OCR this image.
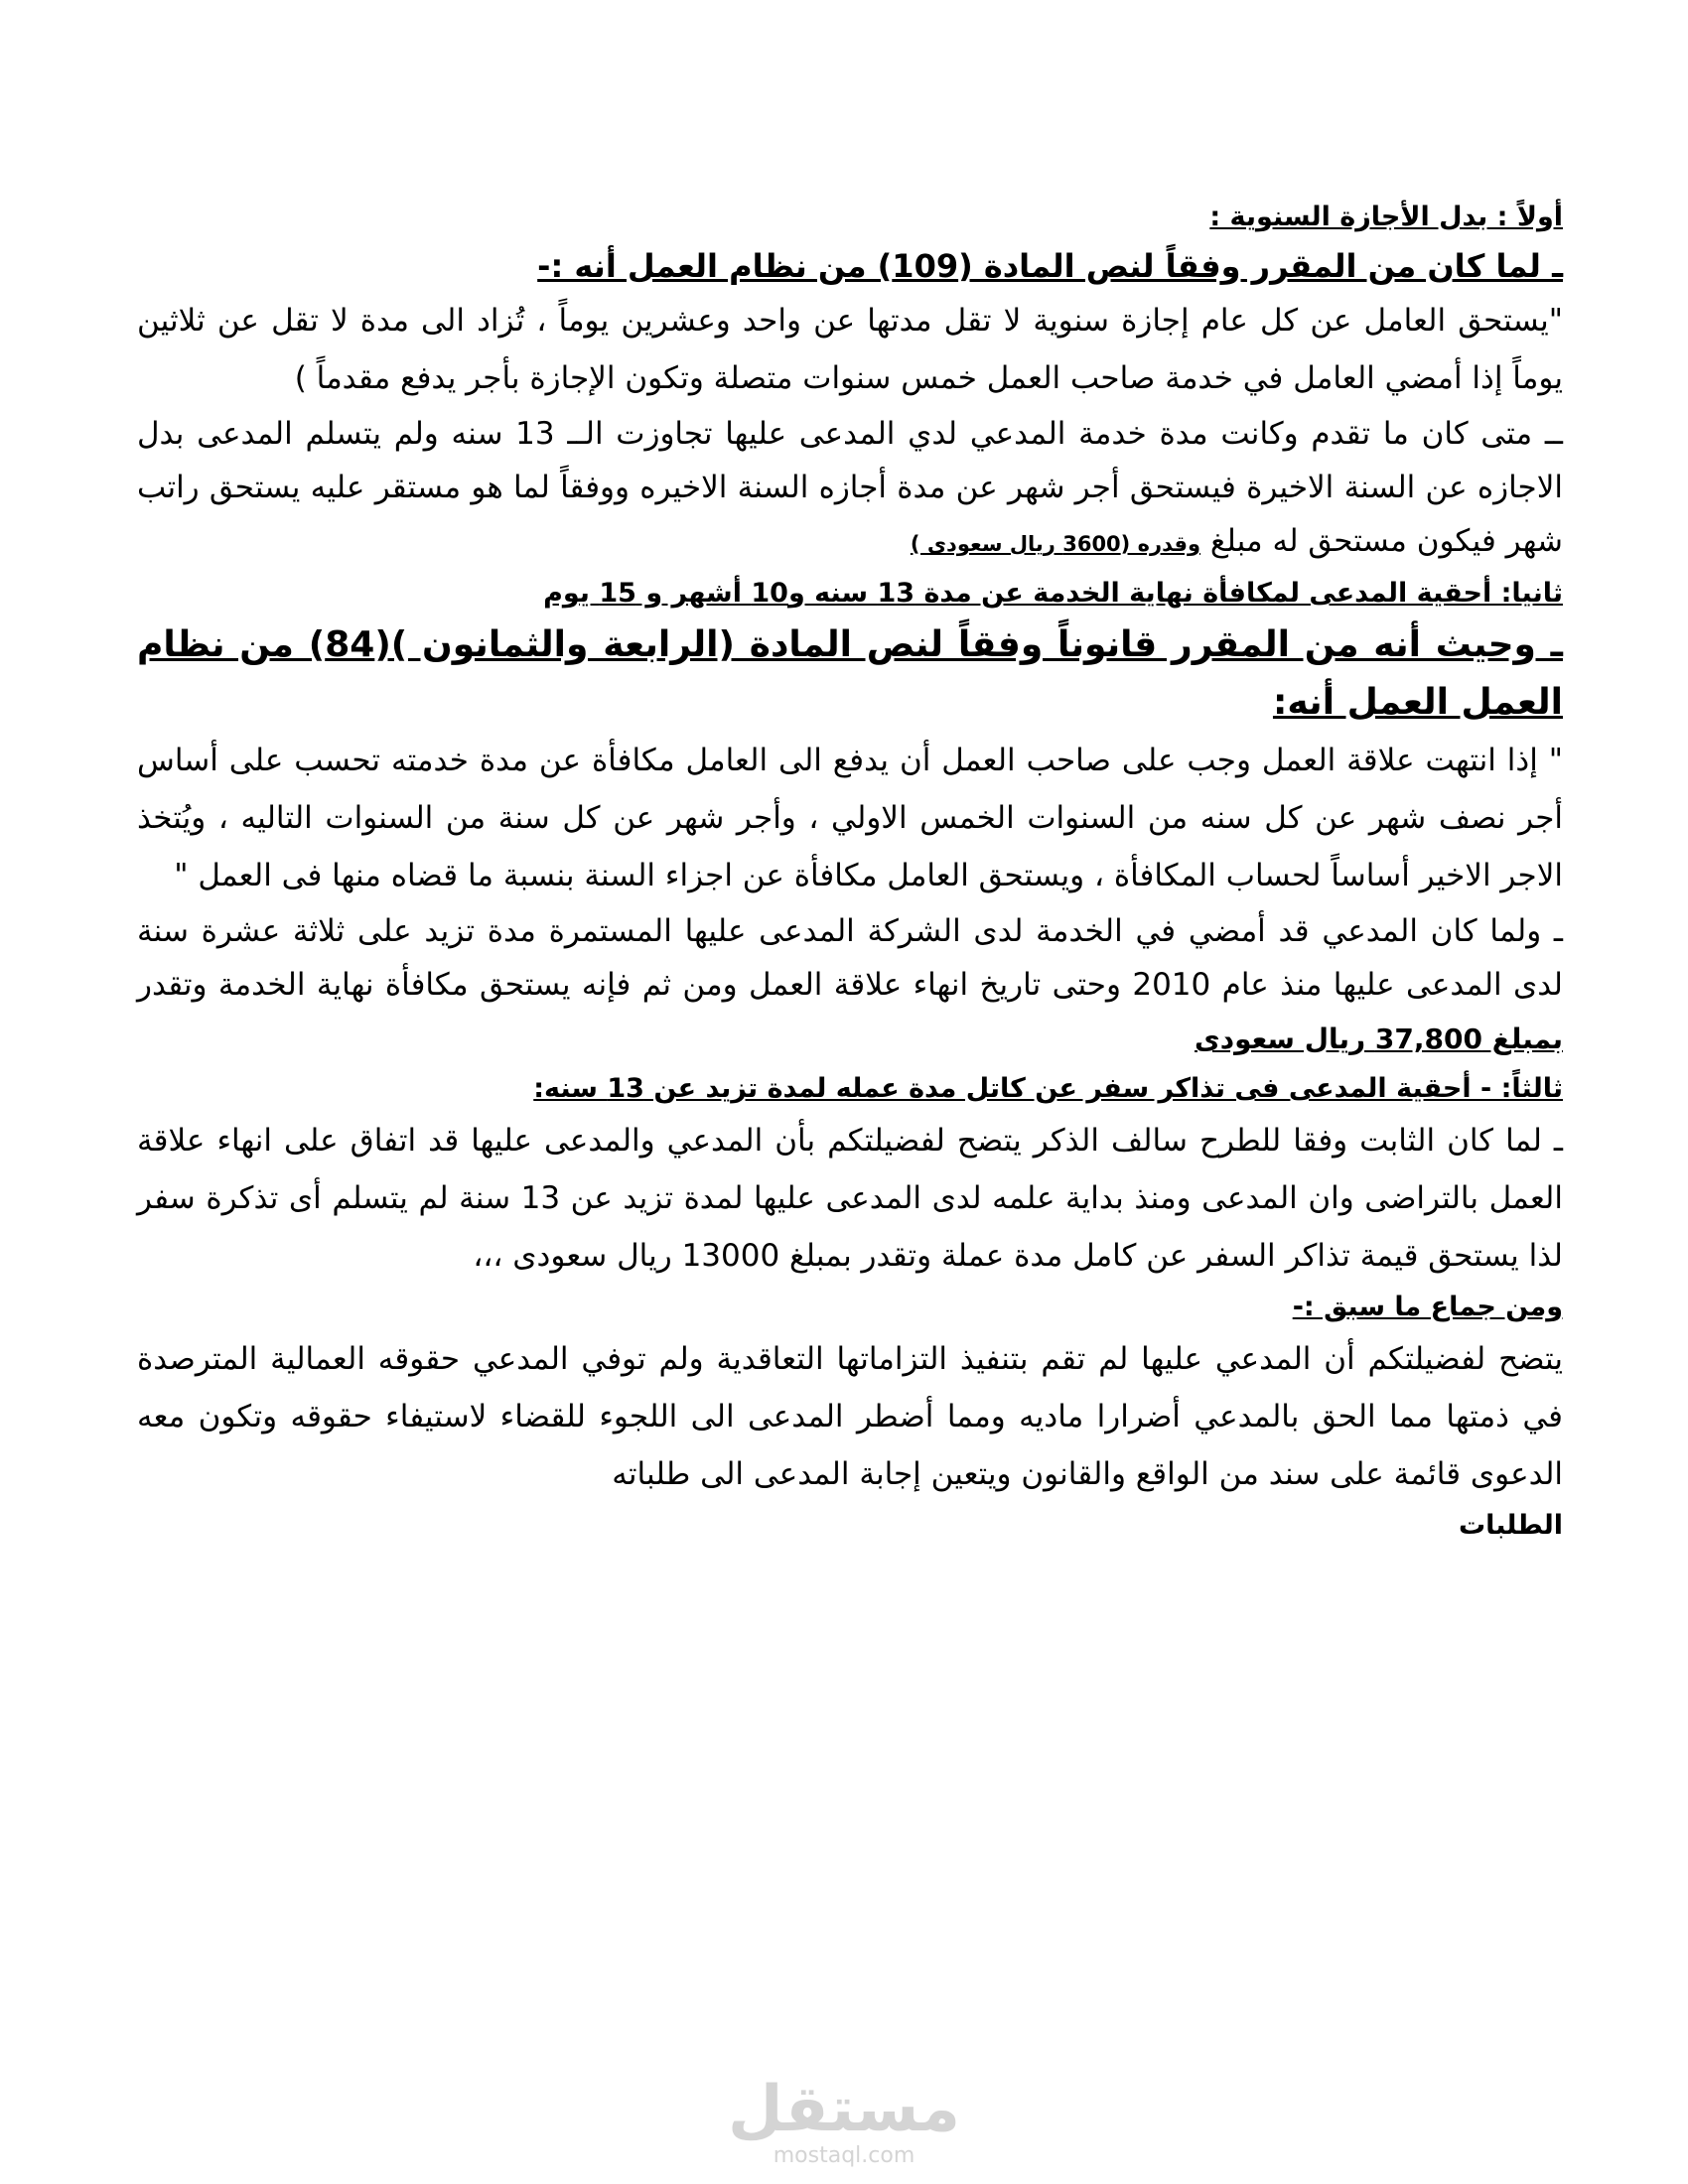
أولاً : بدل الأجازة السنوية :
ـ لما كان من المقرر وفقاً لنص المادة (109) من نظام العمل أنه :-
"يستحق العامل عن كل عام إجازة سنوية لا تقل مدتها عن واحد وعشرين يوماً ، تُزاد الى مدة لا تقل عن ثلاثين يوماً إذا أمضي العامل في خدمة صاحب العمل خمس سنوات متصلة وتكون الإجازة بأجر يدفع مقدماً )
ــ متى كان ما تقدم وكانت مدة خدمة المدعي لدي المدعى عليها تجاوزت الــ 13 سنه ولم يتسلم المدعى بدل الاجازه عن السنة الاخيرة فيستحق أجر شهر عن مدة أجازه السنة الاخيره ووفقاً لما هو مستقر عليه يستحق راتب شهر فيكون مستحق له مبلغ وقدره (3600 ريال سعودى )
ثانيا: أحقية المدعى لمكافأة نهاية الخدمة عن مدة 13 سنه و10 أشهر و 15 يوم
ـ وحيث أنه من المقرر قانوناً وفقاً لنص المادة (الرابعة والثمانون )(84) من نظام العمل العمل أنه:
" إذا انتهت علاقة العمل وجب على صاحب العمل أن يدفع الى العامل مكافأة عن مدة خدمته تحسب على أساس أجر نصف شهر عن كل سنه من السنوات الخمس الاولي ، وأجر شهر عن كل سنة من السنوات التاليه ، ويُتخذ الاجر الاخير أساساً لحساب المكافأة ، ويستحق العامل مكافأة عن اجزاء السنة بنسبة ما قضاه منها فى العمل "
ـ ولما كان المدعي قد أمضي في الخدمة لدى الشركة المدعى عليها المستمرة مدة تزيد على ثلاثة عشرة سنة لدى المدعى عليها منذ عام 2010 وحتى تاريخ انهاء علاقة العمل ومن ثم فإنه يستحق مكافأة نهاية الخدمة وتقدر بمبلغ 37,800 ريال سعودى
ثالثاً: - أحقية المدعى فى تذاكر سفر عن كاتل مدة عمله لمدة تزيد عن 13 سنه:
ـ لما كان الثابت وفقا للطرح سالف الذكر يتضح لفضيلتكم بأن المدعي والمدعى عليها قد اتفاق على انهاء علاقة العمل بالتراضى وان المدعى ومنذ بداية علمه لدى المدعى عليها لمدة تزيد عن 13 سنة لم يتسلم أى تذكرة سفر لذا يستحق قيمة تذاكر السفر عن كامل مدة عملة وتقدر بمبلغ 13000 ريال سعودى ،،،
ومن جماع ما سبق :-
يتضح لفضيلتكم أن المدعي عليها لم تقم بتنفيذ التزاماتها التعاقدية ولم توفي المدعي حقوقه العمالية المترصدة في ذمتها مما الحق بالمدعي أضرارا ماديه ومما أضطر المدعى الى اللجوء للقضاء لاستيفاء حقوقه وتكون معه الدعوى قائمة على سند من الواقع والقانون ويتعين إجابة المدعى الى طلباته
الطلبات
مستقل
mostaql.com
